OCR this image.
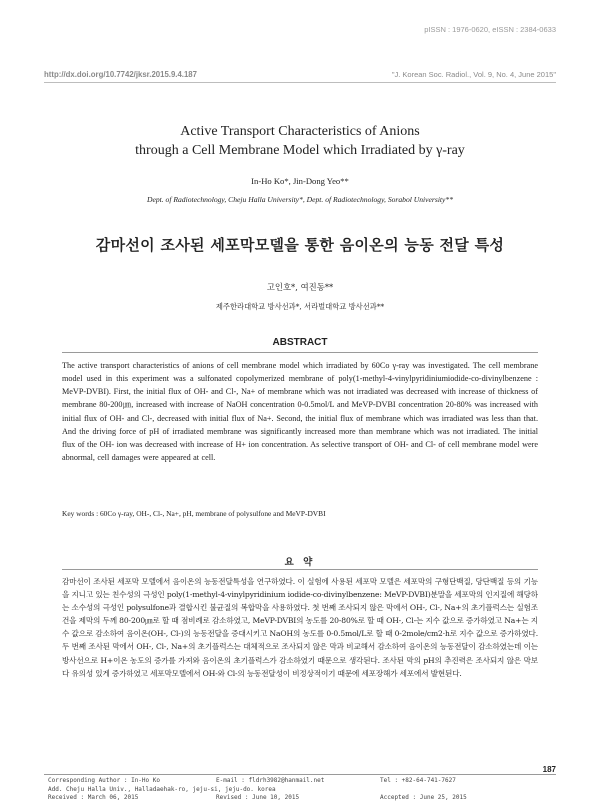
pISSN : 1976-0620, eISSN : 2384-0633
http://dx.doi.org/10.7742/jksr.2015.9.4.187	"J. Korean Soc. Radiol., Vol. 9, No. 4, June 2015"
Active Transport Characteristics of Anions
through a Cell Membrane Model which Irradiated by γ-ray
In-Ho Ko*, Jin-Dong Yeo**
Dept. of Radiotechnology, Cheju Halla University*, Dept. of Radiotechnology, Sorabol University**
감마선이 조사된 세포막모델을 통한 음이온의 능동 전달 특성
고인호*, 여진동**
제주한라대학교 방사선과*, 서라벌대학교 방사선과**
ABSTRACT

The active transport characteristics of anions of cell membrane model which irradiated by 60Co γ-ray was investigated. The cell membrane model used in this experiment was a sulfonated copolymerized membrane of poly(1-methyl-4-vinylpyridiniumiodide-co-divinylbenzene : MeVP-DVBI). First, the initial flux of OH- and Cl-, Na+ of membrane which was not irradiated was decreased with increase of thickness of membrane 80-200㎛, increased with increase of NaOH concentration 0-0.5mol/L and MeVP-DVBI concentration 20-80% was increased with initial flux of OH- and Cl-, decreased with initial flux of Na+. Second, the initial flux of membrane which was irradiated was less than that. And the driving force of pH of irradiated membrane was significantly increased more than membrane which was not irradiated. The initial flux of the OH- ion was decreased with increase of H+ ion concentration. As selective transport of OH- and Cl- of cell membrane model were abnormal, cell damages were appeared at cell.

Key words : 60Co γ-ray, OH-, Cl-, Na+, pH, membrane of polysulfone and MeVP-DVBI

요 약

감마선이 조사된 세포막 모델에서 음이온의 능동전달특성을 연구하였다. 이 실험에 사용된 세포막 모델은 세포막의 구형단백질, 당단백질 등의 기능을 지니고 있는 친수성의 극성인 poly(1-methyl-4-vinylpyridinium iodide-co-divinylbenzene: MeVP-DVBI)분말을 세포막의 인지질에 해당하는 소수성의 극성인 polysulfone과 결합시킨 불균질의 복합막을 사용하였다. 첫 번째 조사되지 않은 막에서 OH-, Cl-, Na+의 초기플럭스는 실험조건을 제막의 두께 80-200㎛로 할 때 점비례로 감소하였고, MeVP-DVBI의 농도를 20-80%로 할 때 OH-, Cl-는 지수 값으로 증가하였고 Na+는 지수 값으로 감소하여 음이온(OH-, Cl-)의 능동전달을 증대시키고 NaOH의 농도를 0-0.5mol/L로 할 때 0-2mole/cm2·h로 지수 값으로 증가하였다. 두 번째 조사된 막에서 OH-, Cl-, Na+의 초기플럭스는 대체적으로 조사되지 않은 막과 비교해서 감소하여 음이온의 능동전달이 감소하였는데 이는 방사선으로 H+이온 농도의 증가를 가져와 음이온의 초기플럭스가 감소하였기 때문으로 생각된다. 조사된 막의 pH의 추진력은 조사되지 않은 막보다 유의성 있게 증가하였고 세포막모델에서 OH-와 Cl-의 능동전달성이 비정상적이기 때문에 세포장해가 세포에서 발현된다.

187
Corresponding Author : In-Ho Ko	E-mail : fldrh3982@hanmail.net	Tel : +82-64-741-7627
Add. Cheju Halla Univ., Halladaehak-ro, jeju-si, jeju-do. korea
Received : March 06, 2015	Revised : June 10, 2015	Accepted : June 25, 2015
